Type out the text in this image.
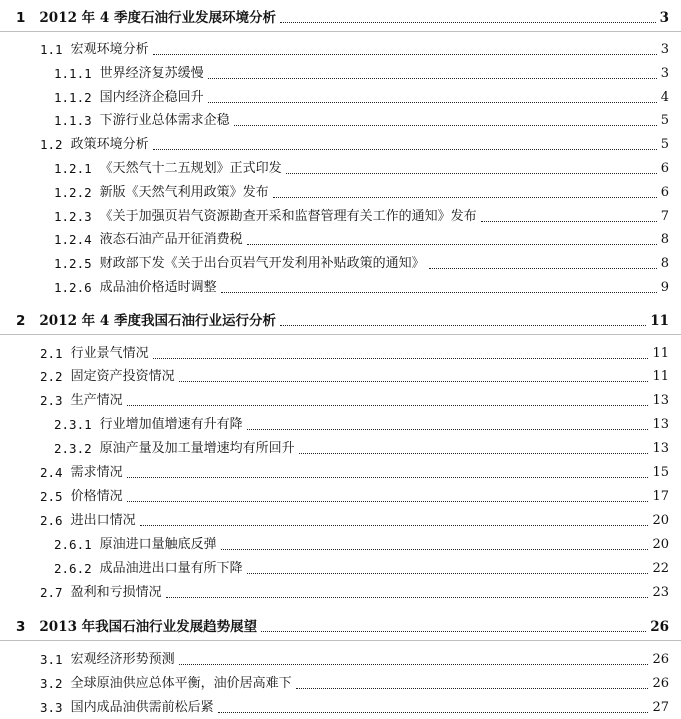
1	2012 年 4 季度石油行业发展环境分析	3
1.1 宏观环境分析	3
1.1.1 世界经济复苏缓慢	3
1.1.2 国内经济企稳回升	4
1.1.3 下游行业总体需求企稳	5
1.2 政策环境分析	5
1.2.1 《天然气十二五规划》正式印发	6
1.2.2 新版《天然气利用政策》发布	6
1.2.3 《关于加强页岩气资源勘查开采和监督管理有关工作的通知》发布	7
1.2.4 液态石油产品开征消费税	8
1.2.5 财政部下发《关于出台页岩气开发利用补贴政策的通知》	8
1.2.6 成品油价格适时调整	9
2	2012 年 4 季度我国石油行业运行分析	11
2.1 行业景气情况	11
2.2 固定资产投资情况	11
2.3 生产情况	13
2.3.1 行业增加值增速有升有降	13
2.3.2 原油产量及加工量增速均有所回升	13
2.4 需求情况	15
2.5 价格情况	17
2.6 进出口情况	20
2.6.1 原油进口量触底反弹	20
2.6.2 成品油进出口量有所下降	22
2.7 盈利和亏损情况	23
3	2013 年我国石油行业发展趋势展望	26
3.1 宏观经济形势预测	26
3.2 全球原油供应总体平衡，油价居高难下	26
3.3 国内成品油供需前松后紧	27
